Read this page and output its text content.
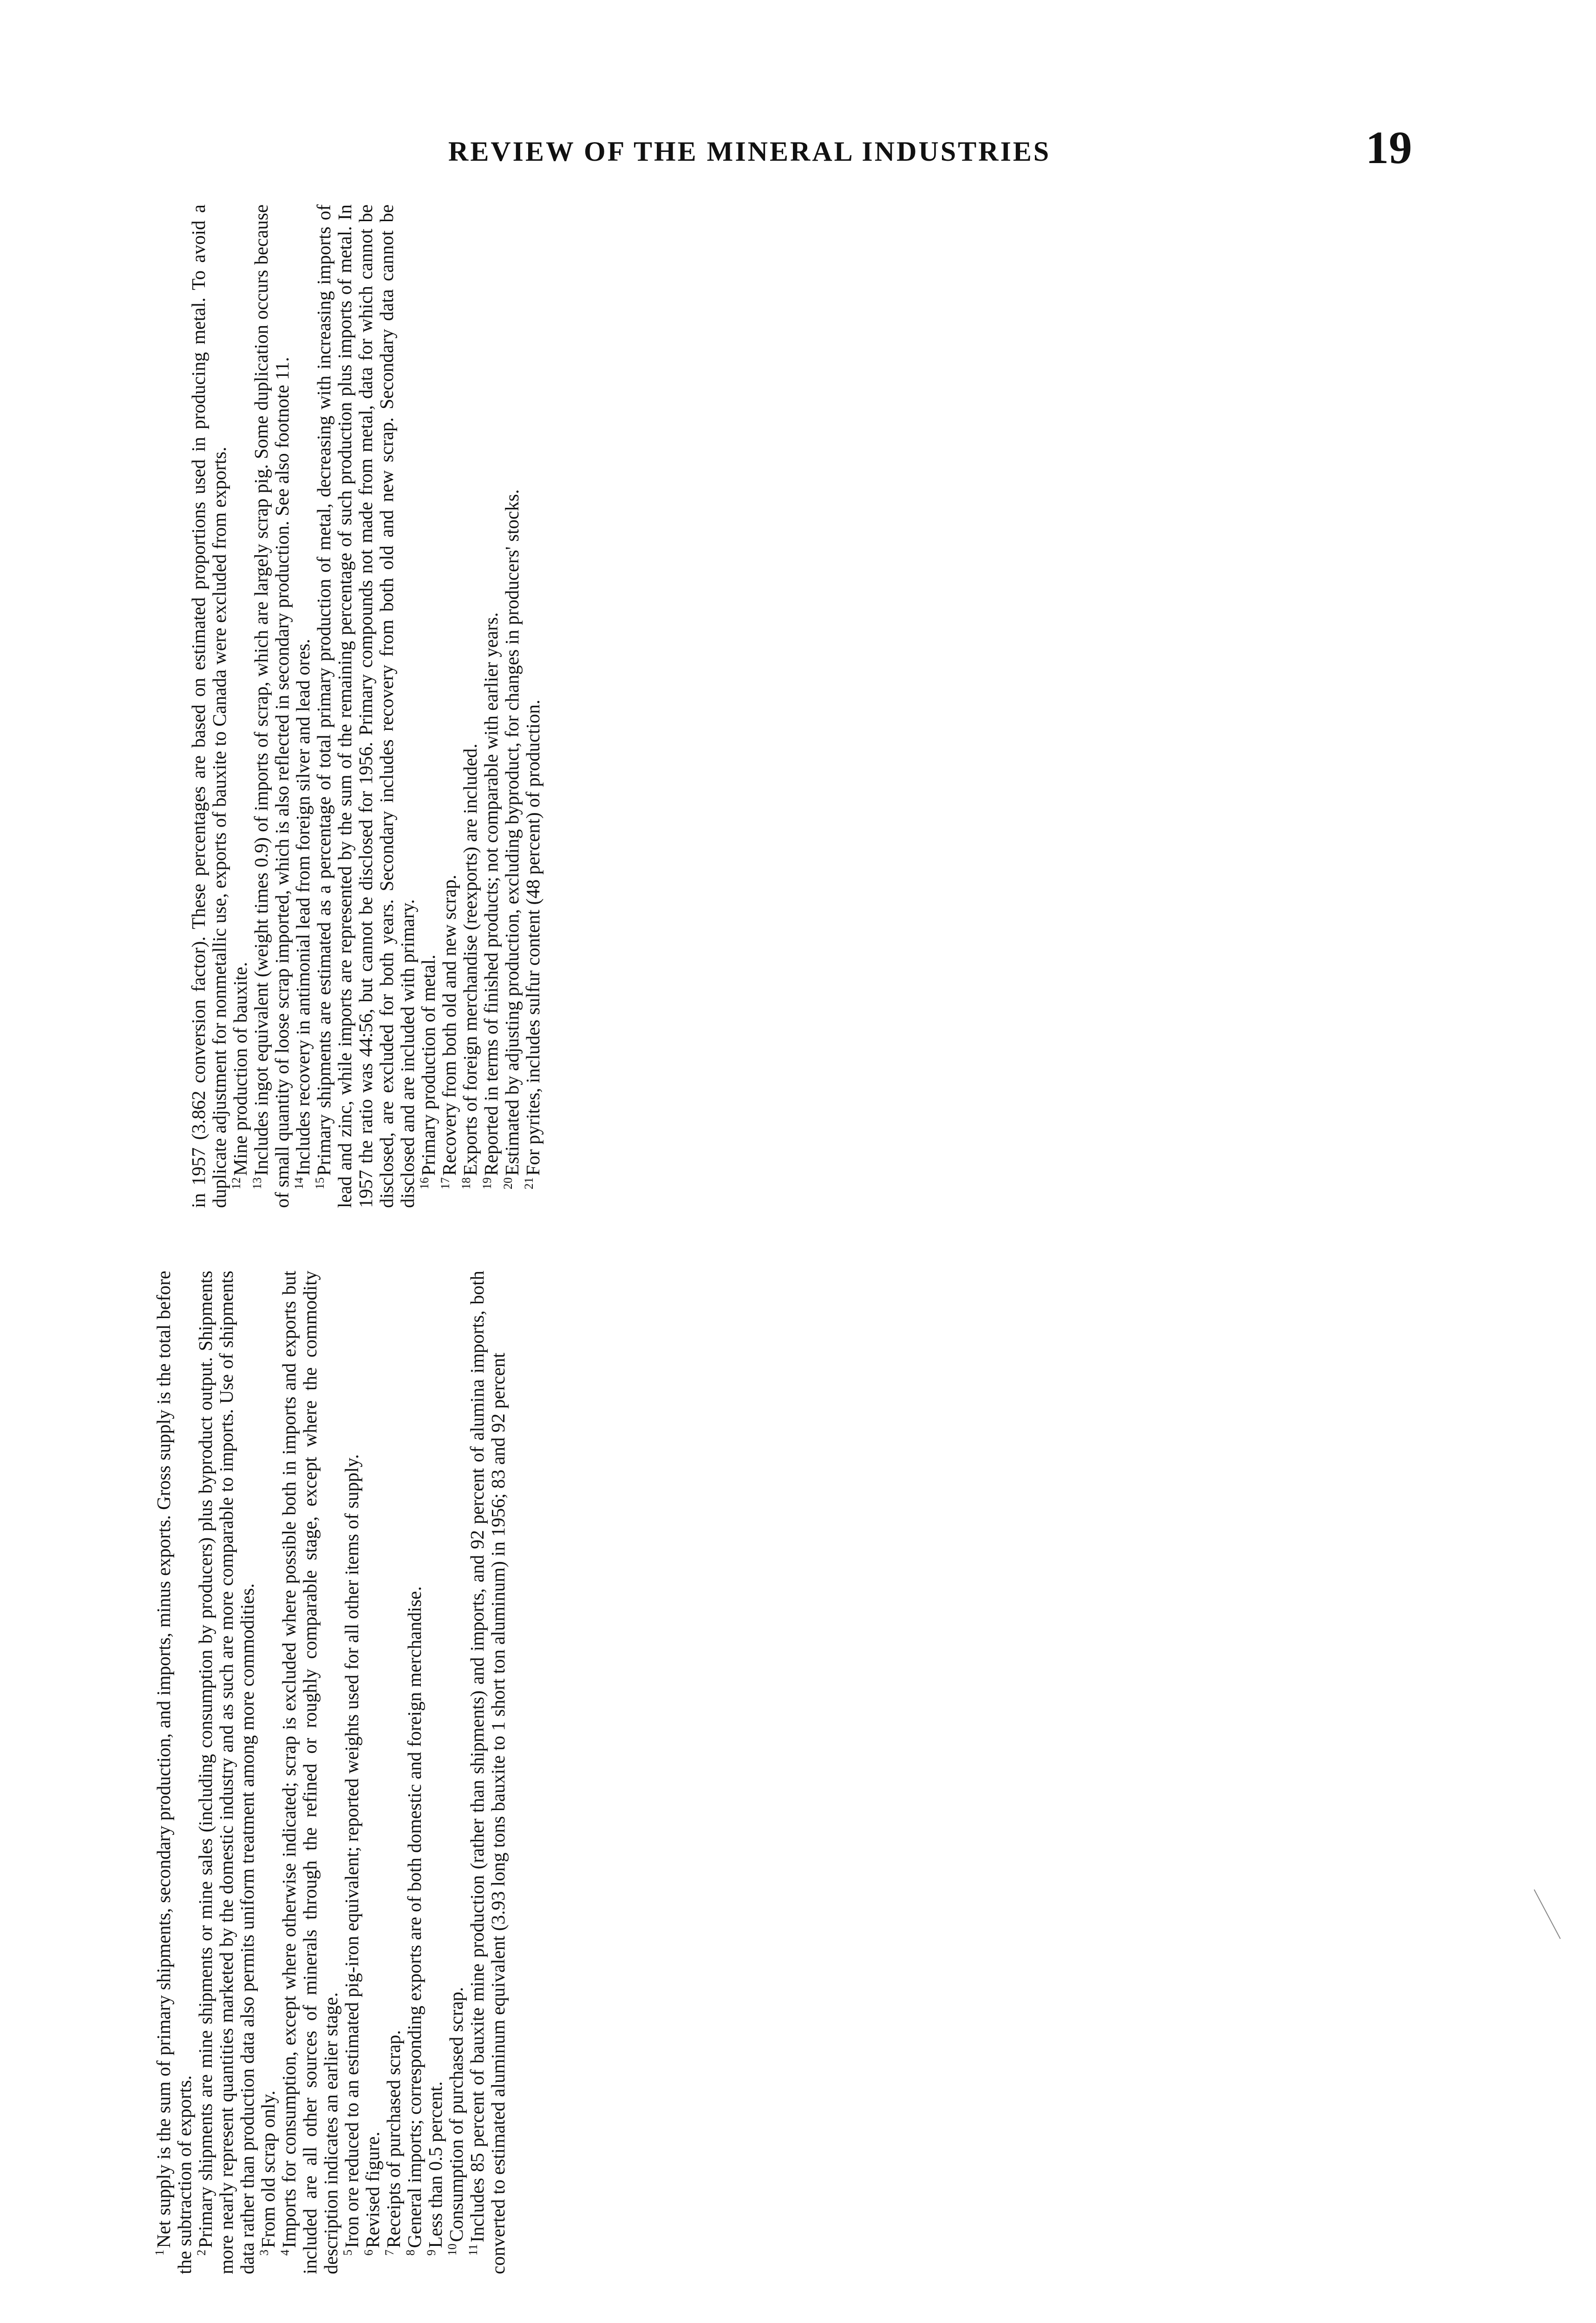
REVIEW OF THE MINERAL INDUSTRIES	19

$^1$ Net supply is the sum of primary shipments, secondary production, and imports, minus exports. Gross supply is the total before the subtraction of exports. $^2$ Primary shipments are mine shipments or mine sales (including consumption by producers) plus byproduct output. Shipments more nearly represent quantities marketed by the domestic industry and as such are more comparable to imports. Use of shipments data rather than production data also permits uniform treatment among more commodities. $^3$ From old scrap only.

$^4$ Imports for consumption, except where otherwise indicated; scrap is excluded where possible both in imports and exports but included are all other sources of minerals through the refined or roughly comparable stage, except where the commodity description indicates an earlier stage. $^5$ Iron ore reduced to an estimated pig-iron equivalent; reported weights used for all other items of supply.

$^6$ Revised figure.

$^7$ Receipts of purchased scrap.

$^8$ General imports; corresponding exports are of both domestic and foreign merchandise.

$^9$ Less than 0.5 percent.

$^{10}$ Consumption of purchased scrap.

$^{11}$ Includes 85 percent of bauxite mine production (rather than shipments) and imports, and 92 percent of alumina imports, both converted to estimated aluminum equivalent (3.93 long tons bauxite to 1 short ton aluminum) in 1956; 83 and 92 percent

in 1957 (3.862 conversion factor). These percentages are based on estimated proportions used in producing metal. To avoid a duplicate adjustment for nonmetallic use, exports of bauxite to Canada were excluded from exports. $^{12}$ Mine production of bauxite.

$^{13}$ Includes ingot equivalent (weight times 0.9) of imports of scrap, which are largely scrap pig. Some duplication occurs because of small quantity of loose scrap imported, which is also reflected in secondary production. See also footnote 11. $^{14}$ Includes recovery in antimonial lead from foreign silver and lead ores.

$^{15}$ Primary shipments are estimated as a percentage of total primary production of metal, decreasing with increasing imports of lead and zinc, while imports are represented by the sum of the remaining percentage of such production plus imports of metal. In 1957 the ratio was 44:56, but cannot be disclosed for 1956. Primary compounds not made from metal, data for which cannot be disclosed, are excluded for both years. Secondary includes recovery from both old and new scrap. Secondary data cannot be disclosed and are included with primary. $^{16}$ Primary production of metal.

$^{17}$ Recovery from both old and new scrap.

$^{18}$ Exports of foreign merchandise (reexports) are included.

$^{19}$ Reported in terms of finished products; not comparable with earlier years.

$^{20}$ Estimated by adjusting production, excluding byproduct, for changes in producers' stocks.

$^{21}$ For pyrites, includes sulfur content (48 percent) of production.
